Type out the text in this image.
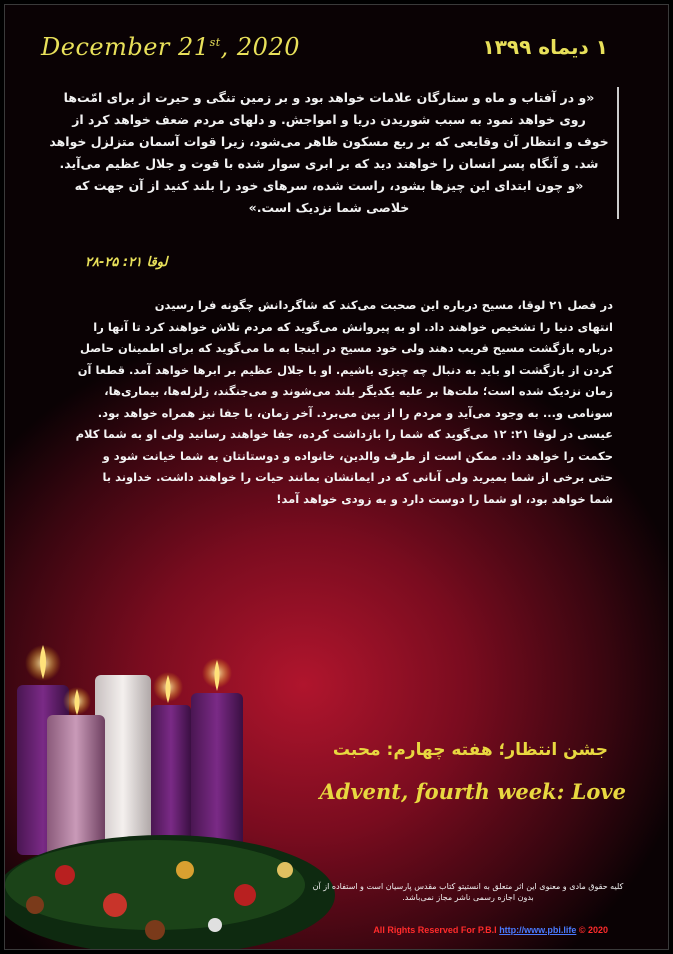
December 21st, 2020	۱ دیماه ۱۳۹۹
«و در آفتاب و ماه و ستارگان علامات خواهد بود و بر زمین تنگی و حیرت از برای امّت‌ها
روی خواهد نمود به سبب شوریدن دریا و امواجش. و دلهای مردم ضعف خواهد کرد از
خوف و انتظار آن وقایعی که بر ربع مسکون ظاهر می‌شود، زیرا قوات آسمان متزلزل خواهد
شد. و آنگاه پسر انسان را خواهند دید که بر ابری سوار شده با قوت و جلال عظیم می‌آید.
«و چون ابتدای این چیزها بشود، راست شده، سرهای خود را بلند کنید از آن جهت که
خلاصی شما نزدیک است.»
لوقا ۲۱: ۲۵-۲۸
در فصل ۲۱ لوقا، مسیح درباره این صحبت می‌کند که شاگردانش چگونه فرا رسیدن
انتهای دنیا را تشخیص خواهند داد. او به پیروانش می‌گوید که مردم تلاش خواهند کرد تا آنها را
درباره بازگشت مسیح فریب دهند ولی خود مسیح در اینجا به ما می‌گوید که برای اطمینان حاصل
کردن از بازگشت او باید به دنبال چه چیزی باشیم. او با جلال عظیم بر ابرها خواهد آمد. قطعا آن
زمان نزدیک شده است؛ ملت‌ها بر علیه یکدیگر بلند می‌شوند و می‌جنگند، زلزله‌ها، بیماری‌ها،
سونامی و... به وجود می‌آید و مردم را از بین می‌برد. آخر زمان، با جفا نیز همراه خواهد بود.
عیسی در لوقا ۲۱: ۱۲ می‌گوید که شما را بازداشت کرده، جفا خواهند رسانید ولی او به شما کلام
حکمت را خواهد داد. ممکن است از طرف والدین، خانواده و دوستانتان به شما خیانت شود و
حتی برخی از شما بمیرید ولی آنانی که در ایمانشان بمانند حیات را خواهند داشت. خداوند با
شما خواهد بود، او شما را دوست دارد و به زودی خواهد آمد!
جشن انتظار؛ هفته چهارم: محبت
Advent, fourth week: Love
کلیه حقوق مادی و معنوی این اثر متعلق به انستیتو کتاب مقدس پارسیان است و استفاده از آن
بدون اجازه رسمی ناشر مجاز نمی‌باشد.
All Rights Reserved For P.B.I http://www.pbi.life © 2020
